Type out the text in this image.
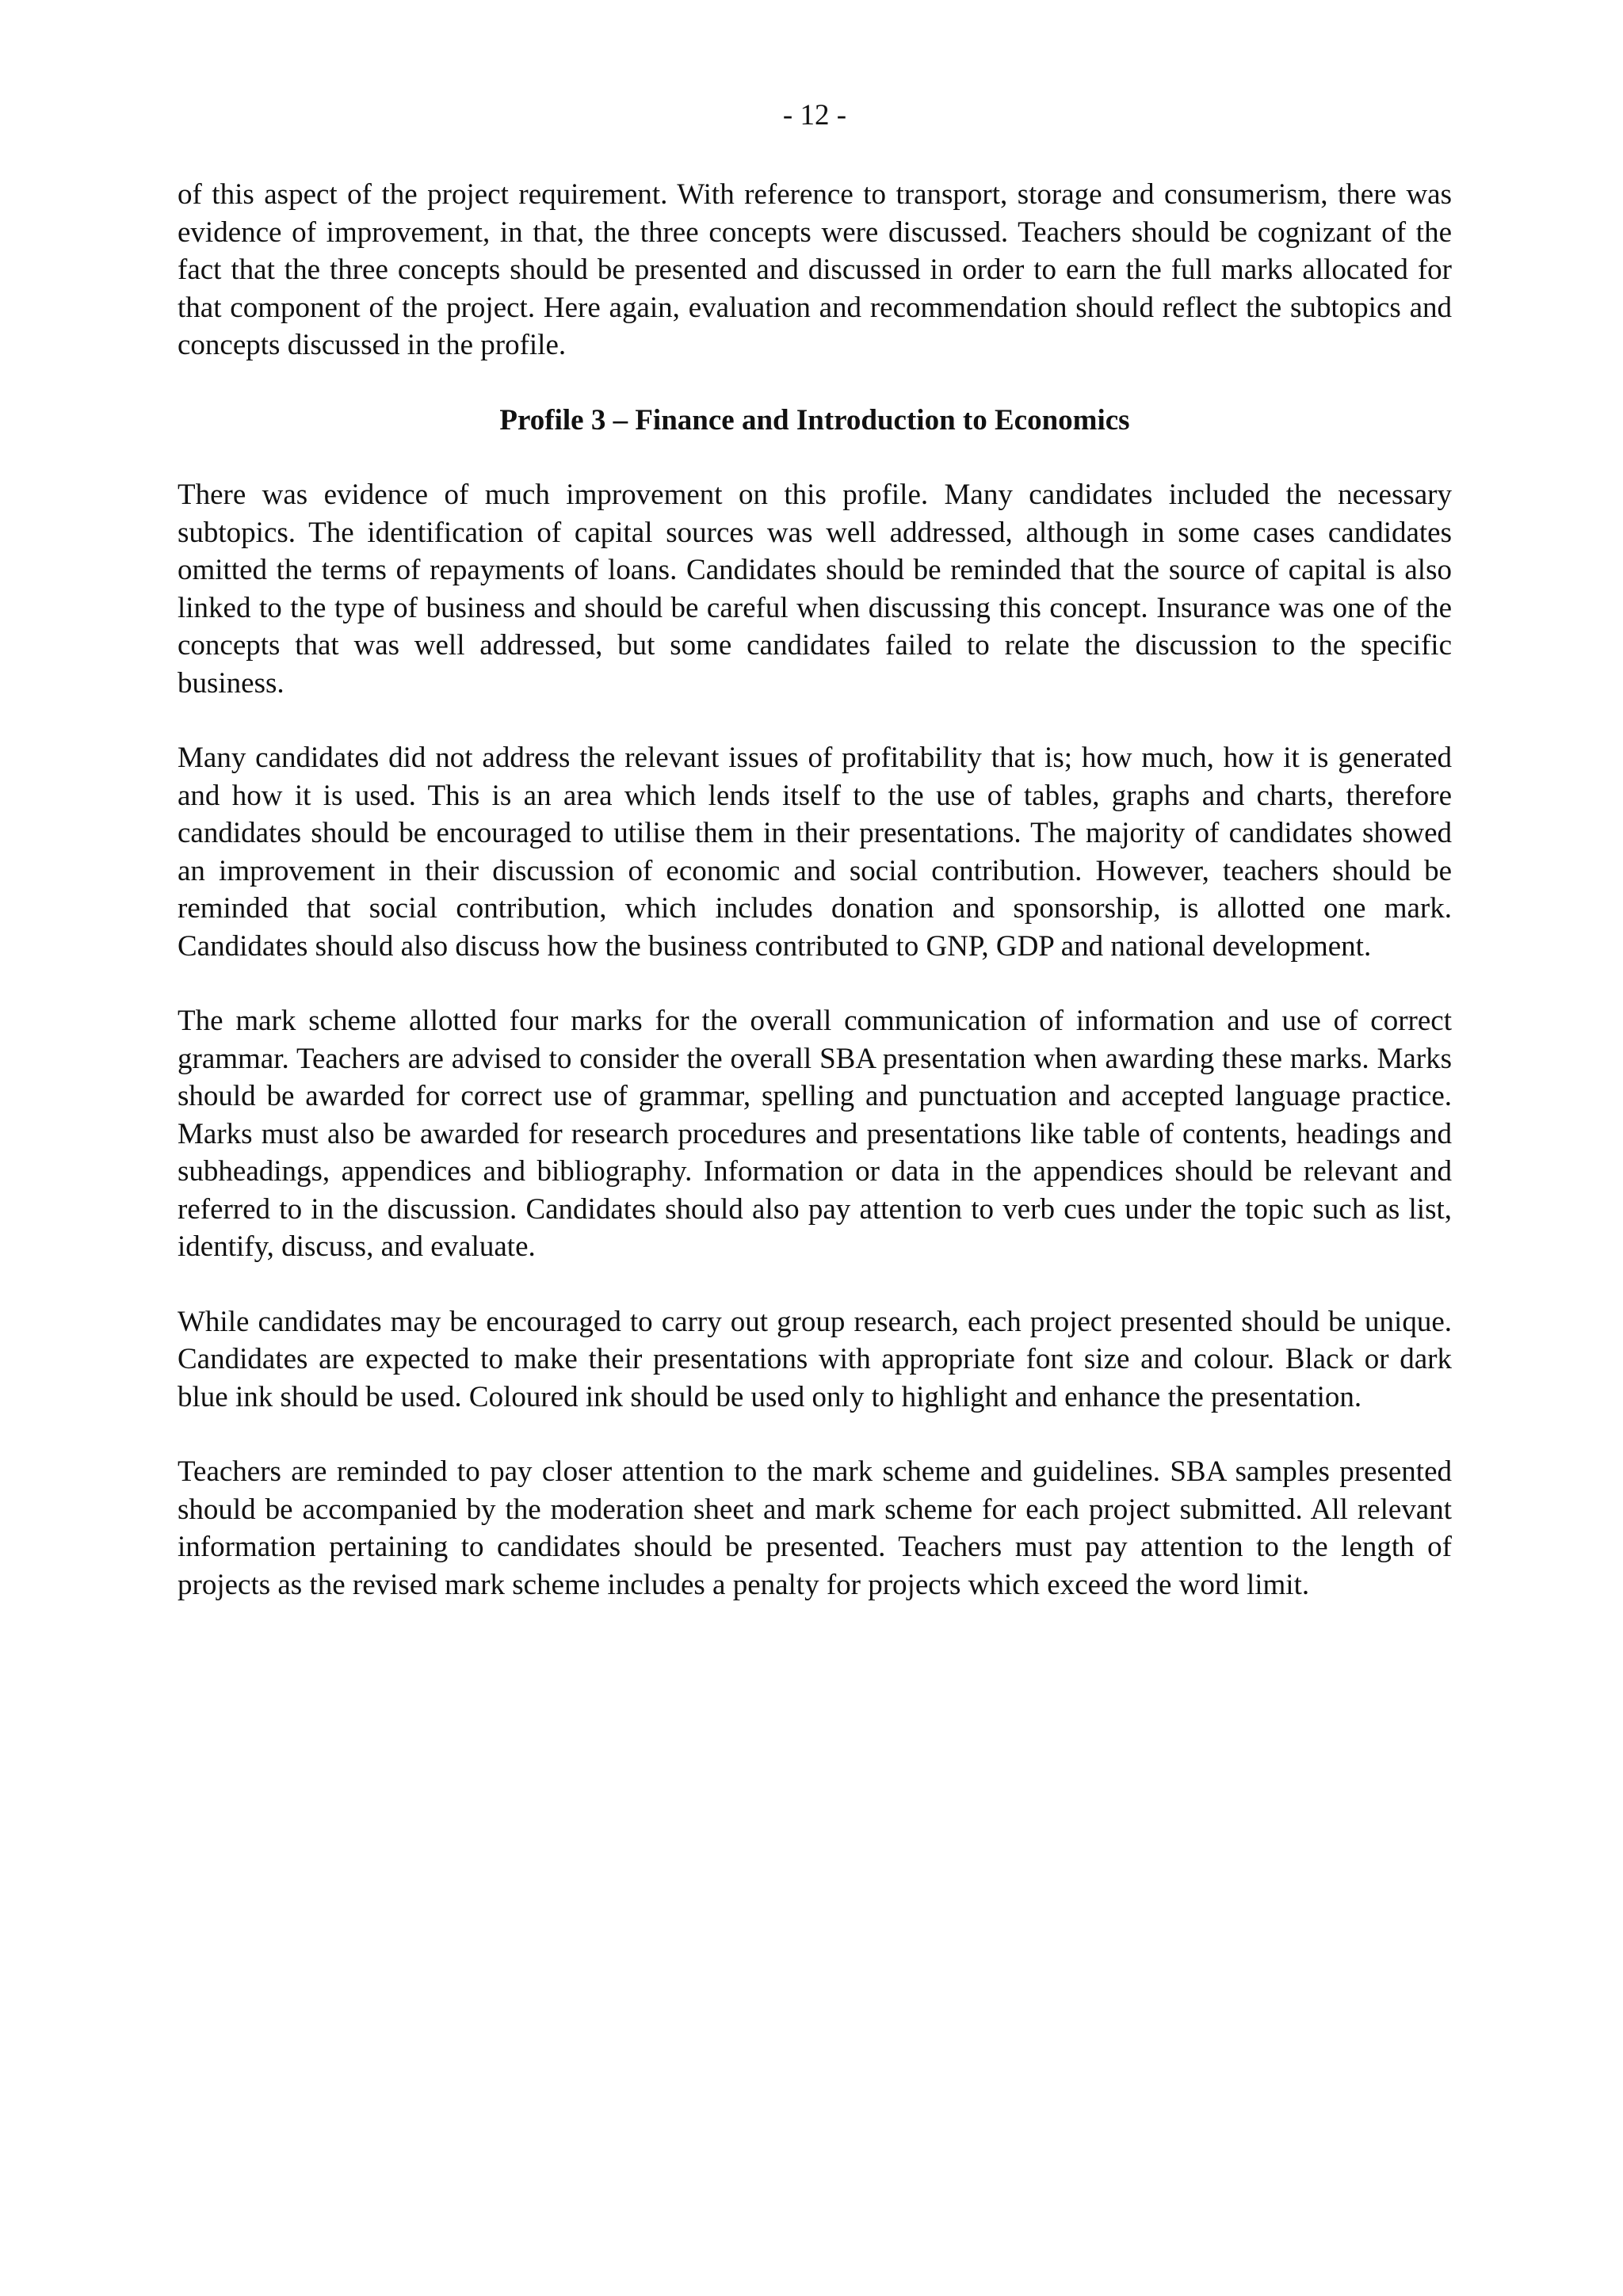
- 12 -

of this aspect of the project requirement. With reference to transport, storage and consumerism, there was evidence of improvement, in that, the three concepts were discussed. Teachers should be cognizant of the fact that the three concepts should be presented and discussed in order to earn the full marks allocated for that component of the project. Here again, evaluation and recommendation should reflect the subtopics and concepts discussed in the profile.

Profile 3 – Finance and Introduction to Economics

There was evidence of much improvement on this profile. Many candidates included the necessary subtopics. The identification of capital sources was well addressed, although in some cases candidates omitted the terms of repayments of loans. Candidates should be reminded that the source of capital is also linked to the type of business and should be careful when discussing this concept. Insurance was one of the concepts that was well addressed, but some candidates failed to relate the discussion to the specific business.

Many candidates did not address the relevant issues of profitability that is; how much, how it is generated and how it is used. This is an area which lends itself to the use of tables, graphs and charts, therefore candidates should be encouraged to utilise them in their presentations. The majority of candidates showed an improvement in their discussion of economic and social contribution. However, teachers should be reminded that social contribution, which includes donation and sponsorship, is allotted one mark. Candidates should also discuss how the business contributed to GNP, GDP and national development.

The mark scheme allotted four marks for the overall communication of information and use of correct grammar. Teachers are advised to consider the overall SBA presentation when awarding these marks. Marks should be awarded for correct use of grammar, spelling and punctuation and accepted language practice. Marks must also be awarded for research procedures and presentations like table of contents, headings and subheadings, appendices and bibliography. Information or data in the appendices should be relevant and referred to in the discussion. Candidates should also pay attention to verb cues under the topic such as list, identify, discuss, and evaluate.

While candidates may be encouraged to carry out group research, each project presented should be unique. Candidates are expected to make their presentations with appropriate font size and colour. Black or dark blue ink should be used. Coloured ink should be used only to highlight and enhance the presentation.

Teachers are reminded to pay closer attention to the mark scheme and guidelines. SBA samples presented should be accompanied by the moderation sheet and mark scheme for each project submitted. All relevant information pertaining to candidates should be presented. Teachers must pay attention to the length of projects as the revised mark scheme includes a penalty for projects which exceed the word limit.
